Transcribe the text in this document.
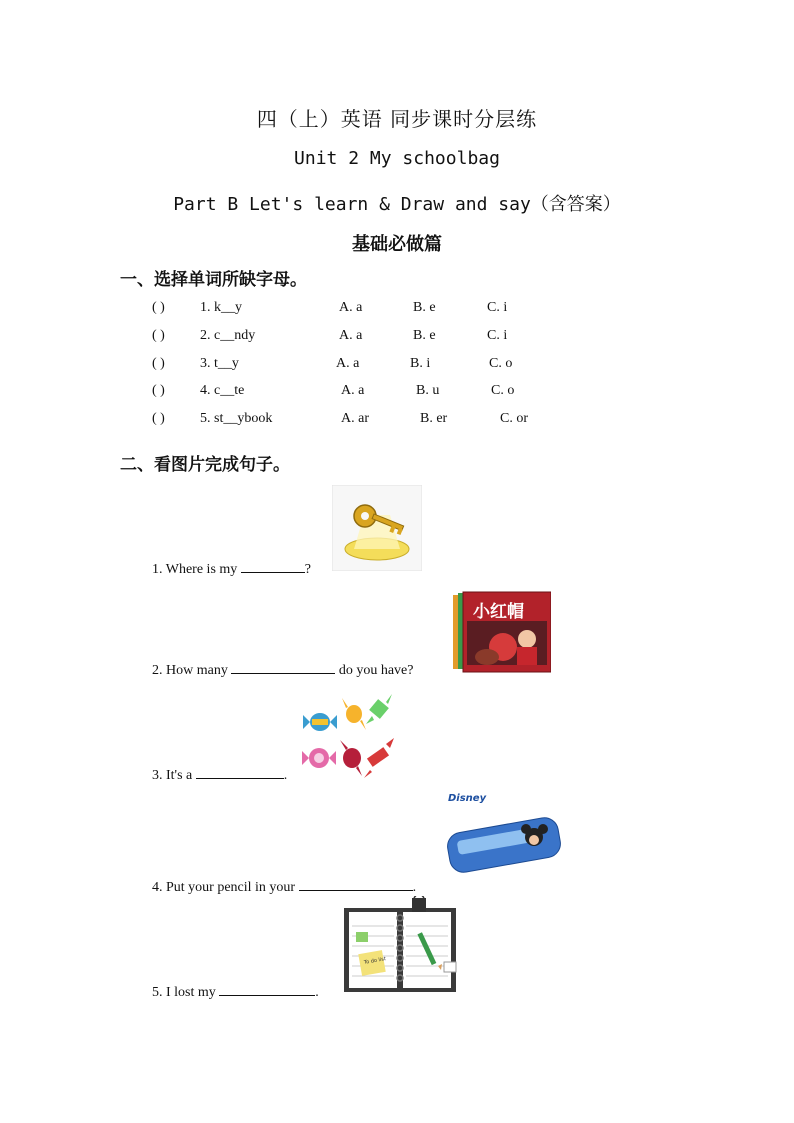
四（上）英语 同步课时分层练
Unit 2 My schoolbag
Part B Let's learn & Draw and say（含答案）
基础必做篇
一、选择单词所缺字母。
( )	1. k__y	A. a	B. e	C. i
( )	2. c__ndy	A. a	B. e	C. i
( )	3. t__y	A. a	B. i	C. o
( )	4. c__te	A. a	B. u	C. o
( )	5. st__ybook	A. ar	B. er	C. or
二、看图片完成句子。
1. Where is my	?
2. How many	do you have?
小红帽
3. It's a	.
4. Put your pencil in your	.
Disney
5. I lost my	.
To do list
